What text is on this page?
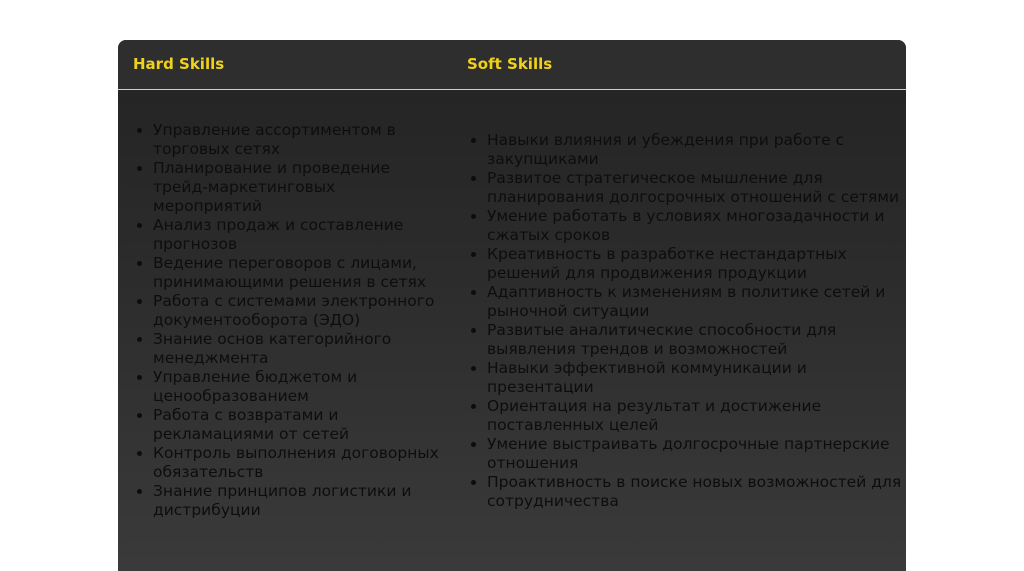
Hard Skills	Soft Skills
• Управление ассортиментом в торговых сетях
• Планирование и проведение трейд-маркетинговых мероприятий
• Анализ продаж и составление прогнозов
• Ведение переговоров с лицами, принимающими решения в сетях
• Работа с системами электронного документооборота (ЭДО)
• Знание основ категорийного менеджмента
• Управление бюджетом и ценообразованием
• Работа с возвратами и рекламациями от сетей
• Контроль выполнения договорных обязательств
• Знание принципов логистики и дистрибуции
• Навыки влияния и убеждения при работе с закупщиками
• Развитое стратегическое мышление для планирования долгосрочных отношений с сетями
• Умение работать в условиях многозадачности и сжатых сроков
• Креативность в разработке нестандартных решений для продвижения продукции
• Адаптивность к изменениям в политике сетей и рыночной ситуации
• Развитые аналитические способности для выявления трендов и возможностей
• Навыки эффективной коммуникации и презентации
• Ориентация на результат и достижение поставленных целей
• Умение выстраивать долгосрочные партнерские отношения
• Проактивность в поиске новых возможностей для сотрудничества
